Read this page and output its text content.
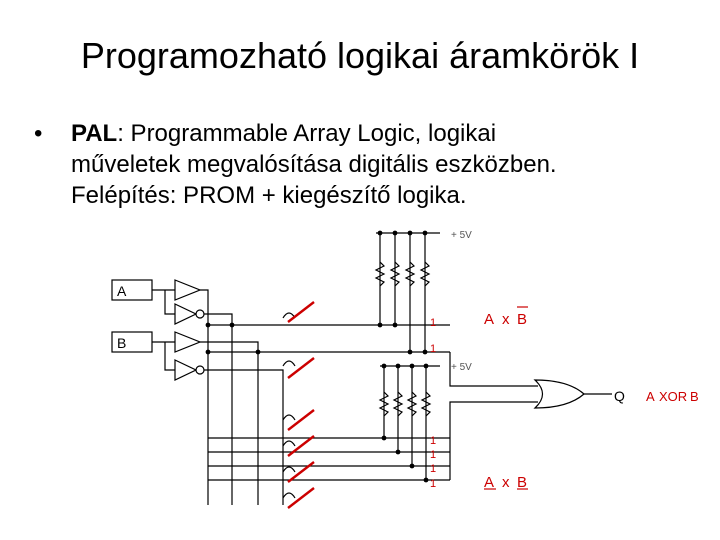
Programozható logikai áramkörök I
• PAL: Programmable Array Logic, logikai
műveletek megvalósítása digitális eszközben.
Felépítés: PROM + kiegészítő logika.
+ 5V
+ 5V
A
B
1
1
1
1
1
1
A x B
A x B
Q A XOR B
